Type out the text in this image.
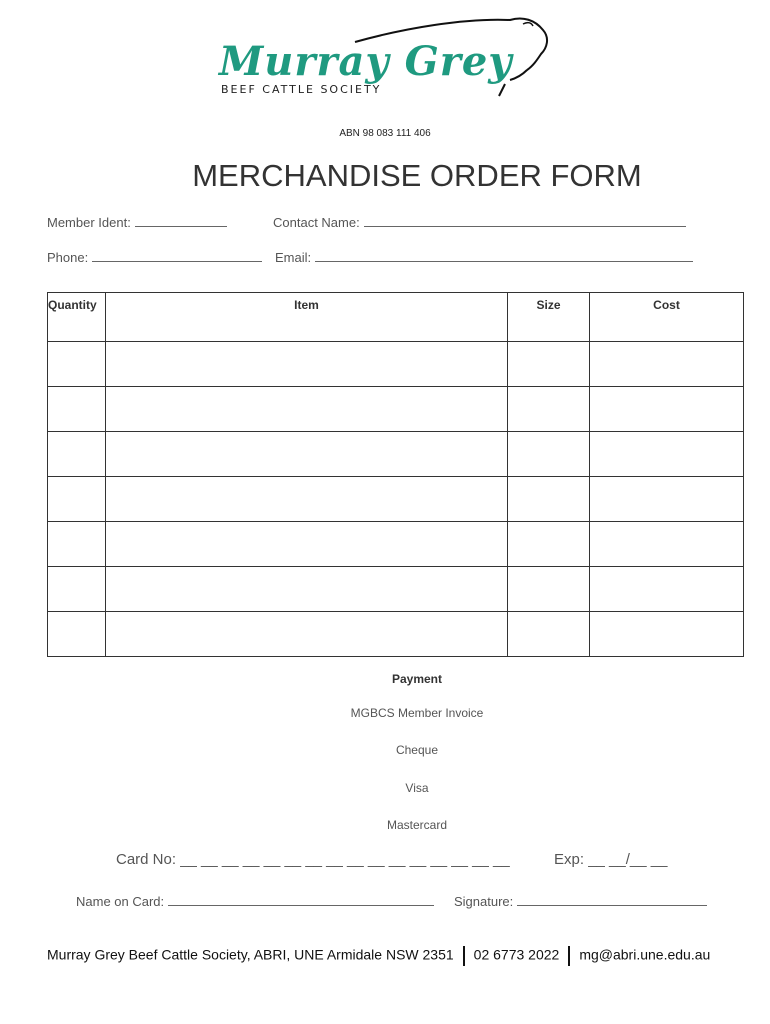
Murray Grey
BEEF CATTLE SOCIETY
ABN 98 083 111 406
MERCHANDISE ORDER FORM
Member Ident:	Contact Name:
Phone:	Email:
Quantity	Item	Size	Cost

Payment
MGBCS Member Invoice
Cheque
Visa
Mastercard
Card No: __ __ __ __ __ __ __ __ __ __ __ __ __ __ __ __	Exp: __ __/__ __
Name on Card:	Signature:
Murray Grey Beef Cattle Society, ABRI, UNE Armidale NSW 2351 02 6773 2022 mg@abri.une.edu.au
